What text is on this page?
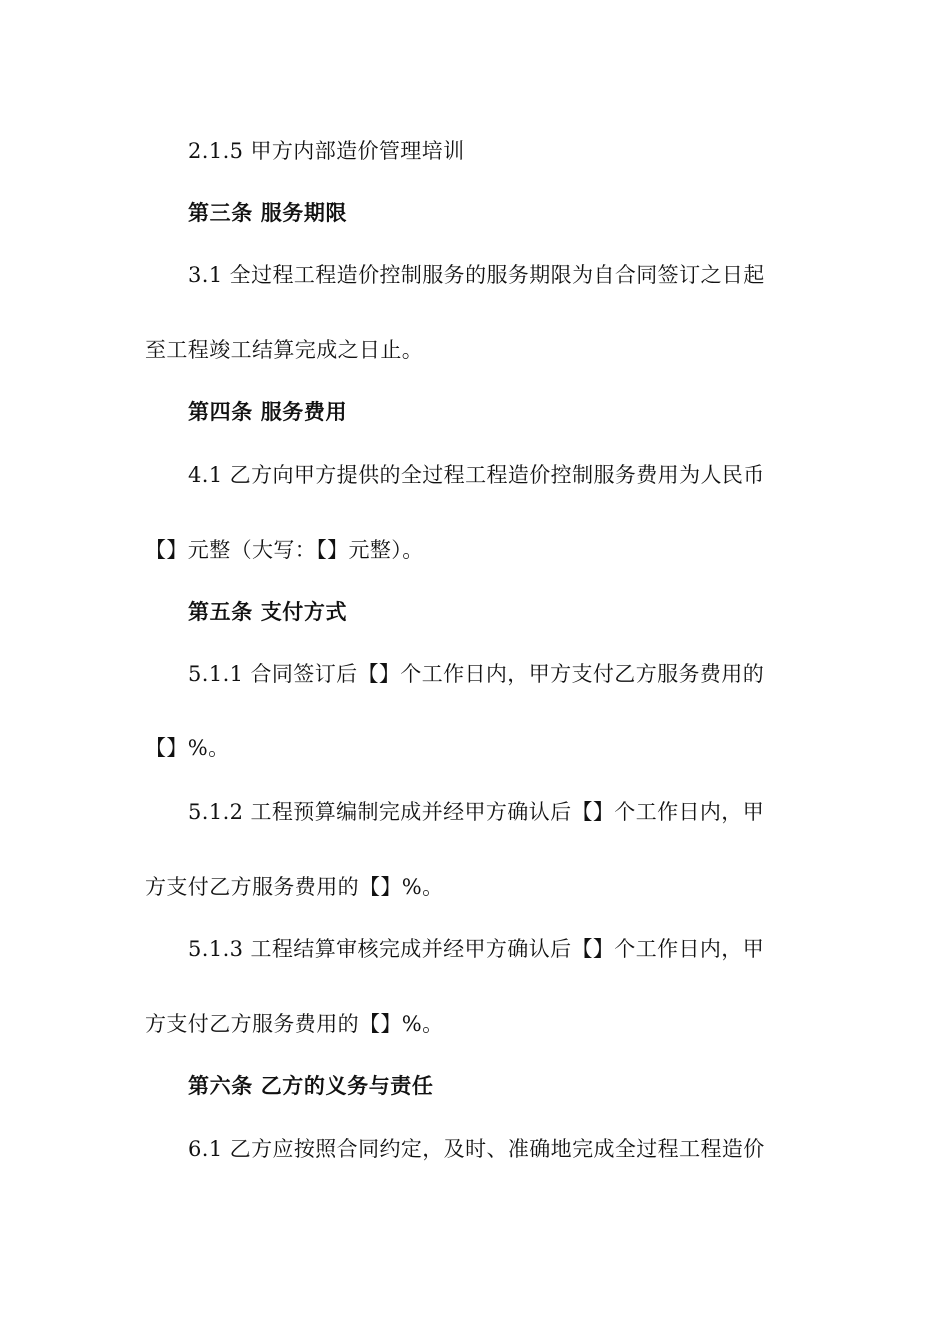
2.1.5 甲方内部造价管理培训
第三条 服务期限
3.1 全过程工程造价控制服务的服务期限为自合同签订之日起
至工程竣工结算完成之日止。
第四条 服务费用
4.1 乙方向甲方提供的全过程工程造价控制服务费用为人民币
【】元整（大写：【】元整）。
第五条 支付方式
5.1.1 合同签订后【】个工作日内，甲方支付乙方服务费用的
【】%。
5.1.2 工程预算编制完成并经甲方确认后【】个工作日内，甲
方支付乙方服务费用的【】%。
5.1.3 工程结算审核完成并经甲方确认后【】个工作日内，甲
方支付乙方服务费用的【】%。
第六条 乙方的义务与责任
6.1 乙方应按照合同约定，及时、准确地完成全过程工程造价
